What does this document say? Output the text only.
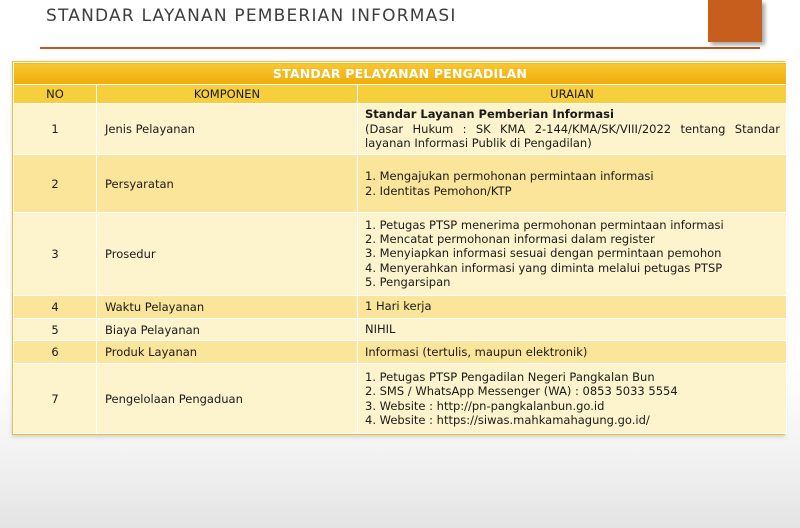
STANDAR LAYANAN PEMBERIAN INFORMASI
STANDAR PELAYANAN PENGADILAN		
NO	KOMPONEN	URAIAN
1	Jenis Pelayanan	Standar Layanan Pemberian Informasi
(Dasar Hukum : SK KMA 2-144/KMA/SK/VIII/2022 tentang Standar layanan Informasi Publik di Pengadilan)

2	Persyaratan	1. Mengajukan permohonan permintaan informasi
2. Identitas Pemohon/KTP

3	Prosedur	1. Petugas PTSP menerima permohonan permintaan informasi
2. Mencatat permohonan informasi dalam register
3. Menyiapkan informasi sesuai dengan permintaan pemohon
4. Menyerahkan informasi yang diminta melalui petugas PTSP
5. Pengarsipan

4	Waktu Pelayanan	1 Hari kerja
5	Biaya Pelayanan	NIHIL
6	Produk Layanan	Informasi (tertulis, maupun elektronik)
7	Pengelolaan Pengaduan	1. Petugas PTSP Pengadilan Negeri Pangkalan Bun
2. SMS / WhatsApp Messenger (WA) : 0853 5033 5554
3. Website : http://pn-pangkalanbun.go.id
4. Website : https://siwas.mahkamahagung.go.id/
